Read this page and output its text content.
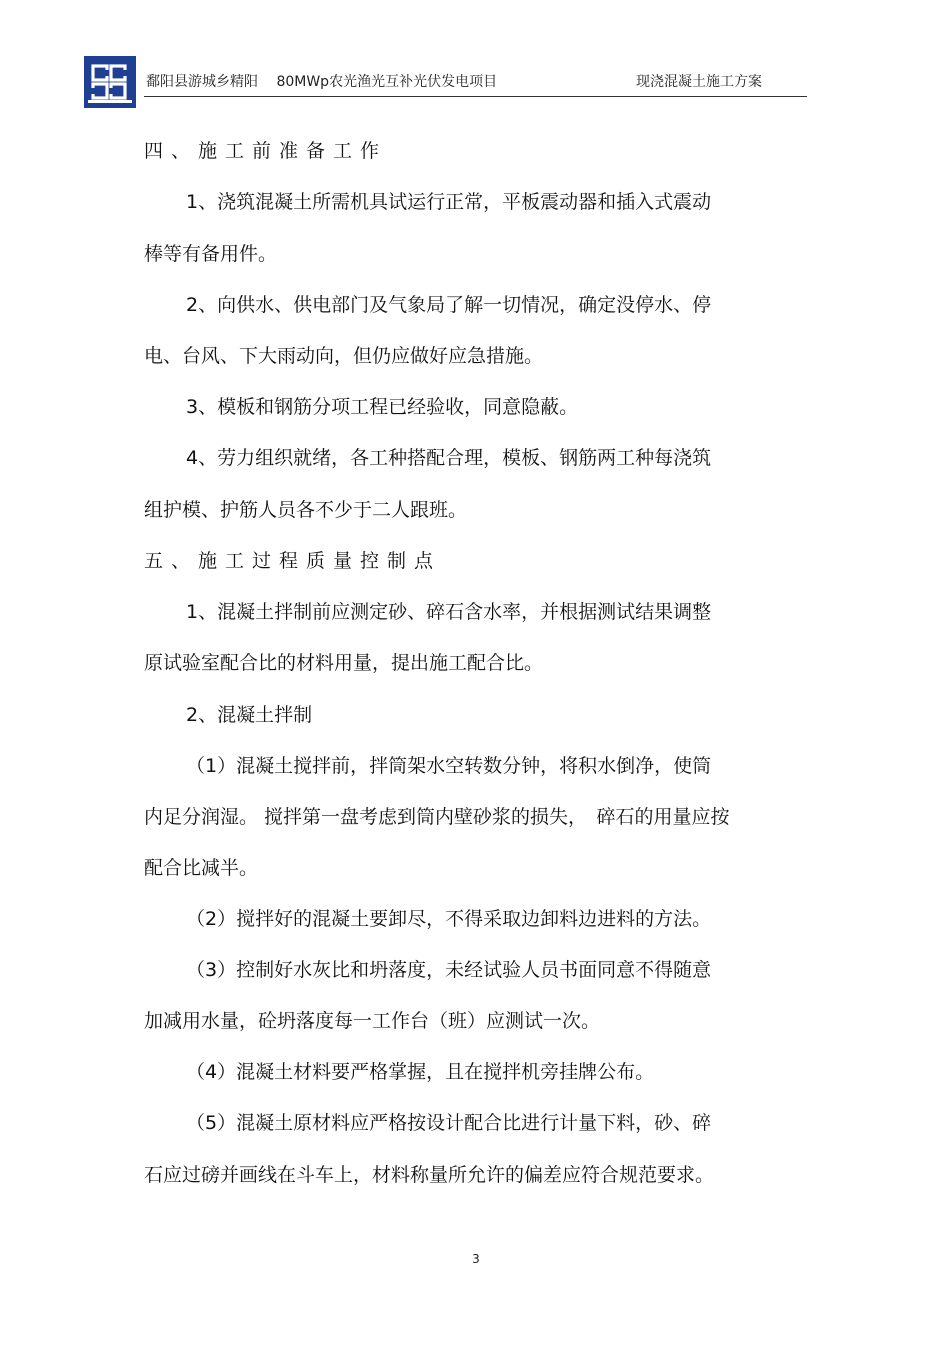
鄱阳县游城乡精阳　 80MWp农光渔光互补光伏发电项目	现浇混凝土施工方案
四、施工前准备工作
1、浇筑混凝土所需机具试运行正常，平板震动器和插入式震动
棒等有备用件。
2、向供水、供电部门及气象局了解一切情况，确定没停水、停
电、台风、下大雨动向，但仍应做好应急措施。
3、模板和钢筋分项工程已经验收，同意隐蔽。
4、劳力组织就绪，各工种搭配合理，模板、钢筋两工种每浇筑
组护模、护筋人员各不少于二人跟班。
五、施工过程质量控制点
1、混凝土拌制前应测定砂、碎石含水率，并根据测试结果调整
原试验室配合比的材料用量，提出施工配合比。
2、混凝土拌制
（1）混凝土搅拌前，拌筒架水空转数分钟，将积水倒净，使筒
内足分润湿。 搅拌第一盘考虑到筒内壁砂浆的损失，　碎石的用量应按
配合比减半。
（2）搅拌好的混凝土要卸尽，不得采取边卸料边进料的方法。
（3）控制好水灰比和坍落度，未经试验人员书面同意不得随意
加减用水量，砼坍落度每一工作台（班）应测试一次。
（4）混凝土材料要严格掌握，且在搅拌机旁挂牌公布。
（5）混凝土原材料应严格按设计配合比进行计量下料，砂、碎
石应过磅并画线在斗车上，材料称量所允许的偏差应符合规范要求。
3
